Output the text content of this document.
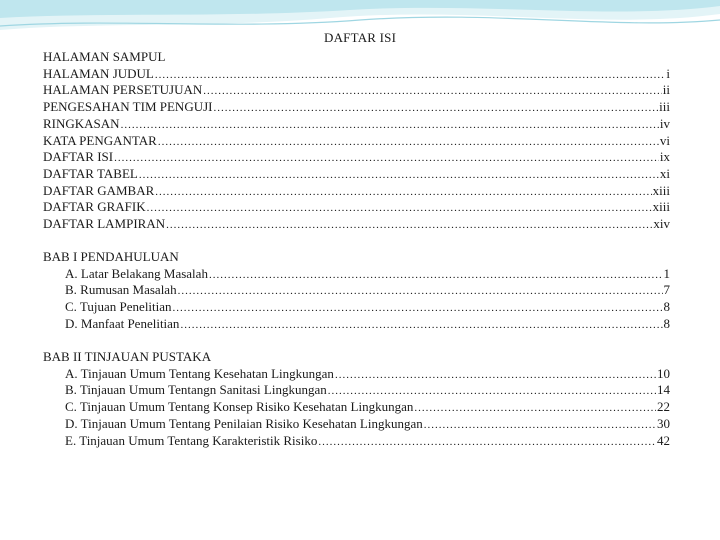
DAFTAR ISI
HALAMAN SAMPUL
HALAMAN JUDUL .....	i
HALAMAN PERSETUJUAN .....	ii
PENGESAHAN TIM PENGUJI .....	iii
RINGKASAN .....	iv
KATA PENGANTAR .....	vi
DAFTAR ISI .....	ix
DAFTAR TABEL .....	xi
DAFTAR GAMBAR .....	xiii
DAFTAR GRAFIK .....	xiii
DAFTAR LAMPIRAN .....	xiv
BAB I PENDAHULUAN
A. Latar Belakang Masalah .....	1
B. Rumusan Masalah .....	7
C. Tujuan Penelitian .....	8
D. Manfaat Penelitian .....	8
BAB II TINJAUAN PUSTAKA
A. Tinjauan Umum Tentang Kesehatan Lingkungan .....	10
B. Tinjauan Umum Tentangn Sanitasi Lingkungan .....	14
C. Tinjauan Umum Tentang Konsep Risiko Kesehatan Lingkungan .....	22
D. Tinjauan Umum Tentang Penilaian Risiko Kesehatan Lingkungan .....	30
E. Tinjauan Umum Tentang Karakteristik Risiko .....	42
